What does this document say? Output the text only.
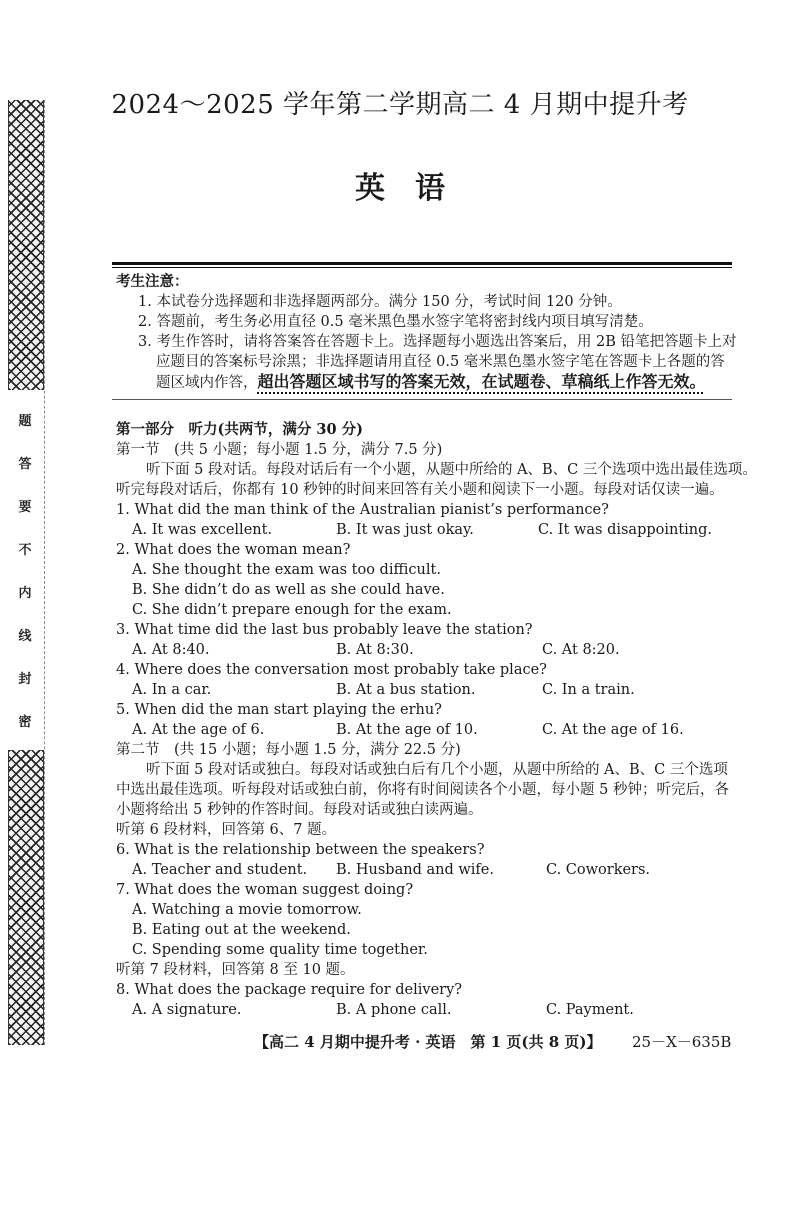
题
答
要
不
内
线
封
密
2024～2025 学年第二学期高二 4 月期中提升考
英语
考生注意：
1. 本试卷分选择题和非选择题两部分。满分 150 分，考试时间 120 分钟。
2. 答题前，考生务必用直径 0.5 毫米黑色墨水签字笔将密封线内项目填写清楚。
3. 考生作答时，请将答案答在答题卡上。选择题每小题选出答案后，用 2B 铅笔把答题卡上对
应题目的答案标号涂黑；非选择题请用直径 0.5 毫米黑色墨水签字笔在答题卡上各题的答
题区域内作答，超出答题区域书写的答案无效，在试题卷、草稿纸上作答无效。
第一部分　听力(共两节，满分 30 分)
第一节　(共 5 小题；每小题 1.5 分，满分 7.5 分)
听下面 5 段对话。每段对话后有一个小题，从题中所给的 A、B、C 三个选项中选出最佳选项。
听完每段对话后，你都有 10 秒钟的时间来回答有关小题和阅读下一小题。每段对话仅读一遍。
1. What did the man think of the Australian pianist’s performance?
A. It was excellent.	B. It was just okay.	C. It was disappointing.
2. What does the woman mean?
A. She thought the exam was too difficult.
B. She didn’t do as well as she could have.
C. She didn’t prepare enough for the exam.
3. What time did the last bus probably leave the station?
A. At 8:40.	B. At 8:30.	C. At 8:20.
4. Where does the conversation most probably take place?
A. In a car.	B. At a bus station.	C. In a train.
5. When did the man start playing the erhu?
A. At the age of 6.	B. At the age of 10.	C. At the age of 16.
第二节　(共 15 小题；每小题 1.5 分，满分 22.5 分)
听下面 5 段对话或独白。每段对话或独白后有几个小题，从题中所给的 A、B、C 三个选项
中选出最佳选项。听每段对话或独白前，你将有时间阅读各个小题，每小题 5 秒钟；听完后，各
小题将给出 5 秒钟的作答时间。每段对话或独白读两遍。
听第 6 段材料，回答第 6、7 题。
6. What is the relationship between the speakers?
A. Teacher and student. B. Husband and wife.	C. Coworkers.
7. What does the woman suggest doing?
A. Watching a movie tomorrow.
B. Eating out at the weekend.
C. Spending some quality time together.
听第 7 段材料，回答第 8 至 10 题。
8. What does the package require for delivery?
A. A signature.	B. A phone call.	C. Payment.
【高二 4 月期中提升考 · 英语　第 1 页(共 8 页)】 25－X－635B
